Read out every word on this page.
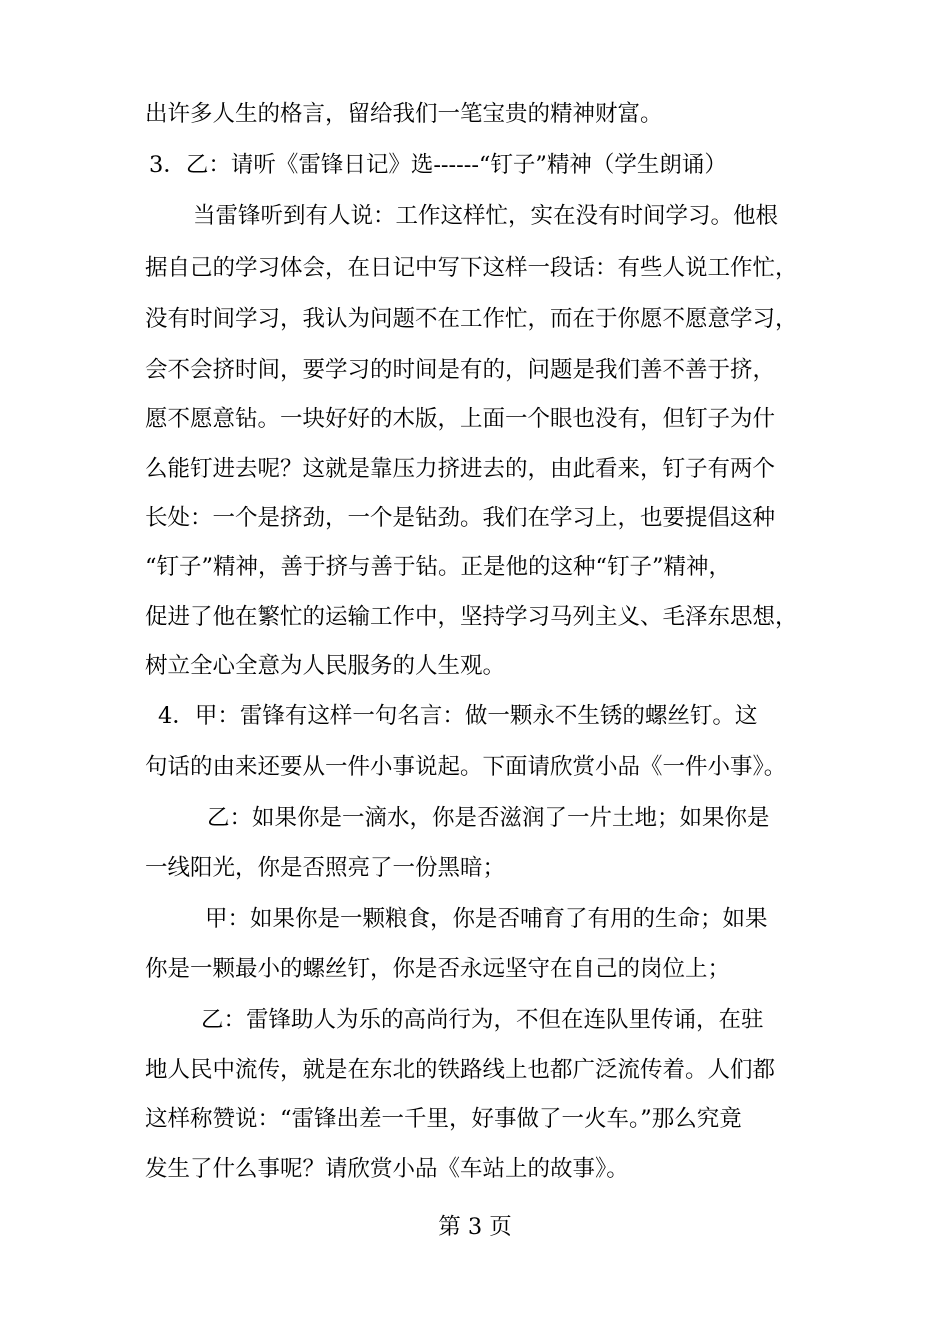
出许多人生的格言，留给我们一笔宝贵的精神财富。
3．乙：请听《雷锋日记》选------“钉子”精神（学生朗诵）
当雷锋听到有人说：工作这样忙，实在没有时间学习。他根
据自己的学习体会，在日记中写下这样一段话：有些人说工作忙，
没有时间学习，我认为问题不在工作忙，而在于你愿不愿意学习，
会不会挤时间，要学习的时间是有的，问题是我们善不善于挤，
愿不愿意钻。一块好好的木版，上面一个眼也没有，但钉子为什
么能钉进去呢？这就是靠压力挤进去的，由此看来，钉子有两个
长处：一个是挤劲，一个是钻劲。我们在学习上，也要提倡这种
“钉子”精神，善于挤与善于钻。正是他的这种“钉子”精神，
促进了他在繁忙的运输工作中，坚持学习马列主义、毛泽东思想，
树立全心全意为人民服务的人生观。
4．甲：雷锋有这样一句名言：做一颗永不生锈的螺丝钉。这
句话的由来还要从一件小事说起。下面请欣赏小品《一件小事》。
乙：如果你是一滴水，你是否滋润了一片土地；如果你是
一线阳光，你是否照亮了一份黑暗；
甲：如果你是一颗粮食，你是否哺育了有用的生命；如果
你是一颗最小的螺丝钉，你是否永远坚守在自己的岗位上；
乙：雷锋助人为乐的高尚行为，不但在连队里传诵，在驻
地人民中流传，就是在东北的铁路线上也都广泛流传着。人们都
这样称赞说：“雷锋出差一千里，好事做了一火车。”那么究竟
发生了什么事呢？请欣赏小品《车站上的故事》。
第 3 页
